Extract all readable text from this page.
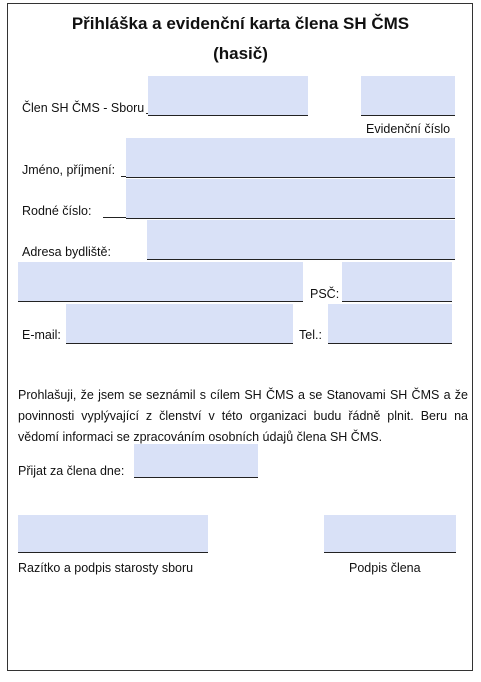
Přihláška a evidenční karta člena SH ČMS
(hasič)
Člen SH ČMS - Sboru
Evidenční číslo
Jméno, příjmení:
Rodné číslo:
Adresa bydliště:
PSČ:
E-mail:	Tel.:
Prohlašuji, že jsem se seznámil s cílem SH ČMS a se Stanovami SH ČMS a že povinnosti vyplývající z členství v této organizaci budu řádně plnit. Beru na vědomí informaci se zpracováním osobních údajů člena SH ČMS.
Přijat za člena dne:
Razítko a podpis starosty sboru	Podpis člena
